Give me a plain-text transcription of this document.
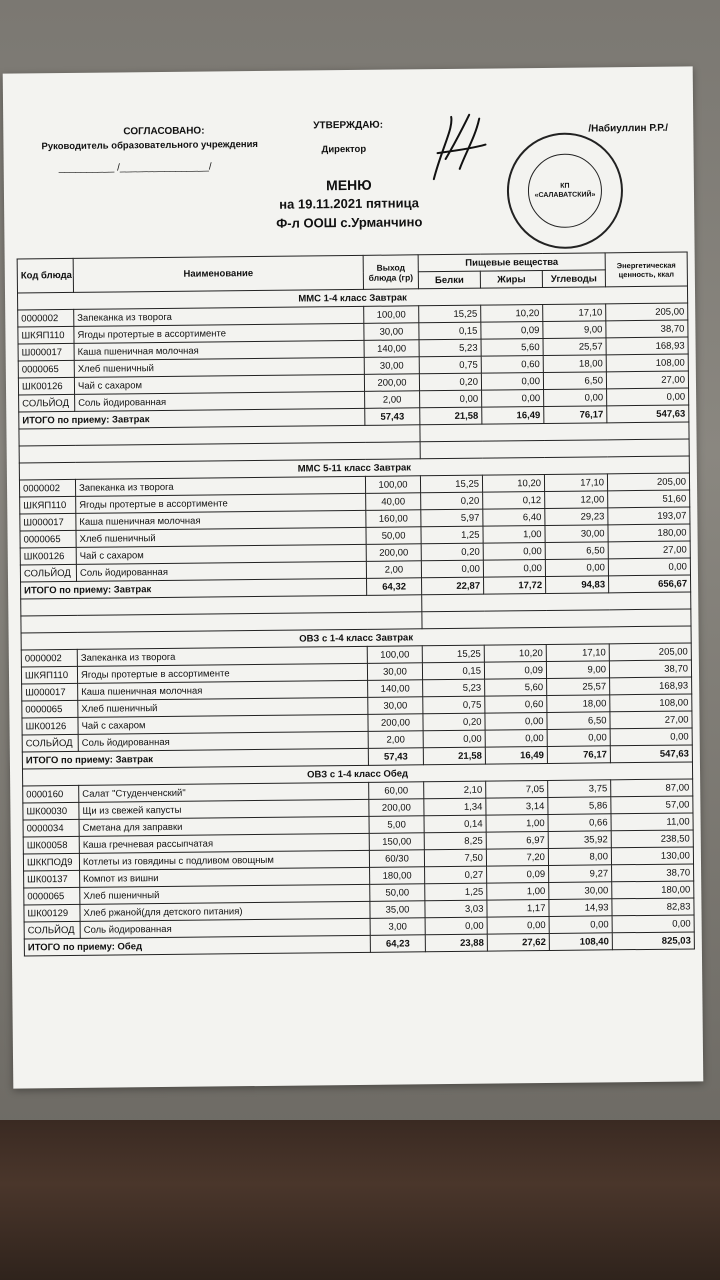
СОГЛАСОВАНО:
Руководитель образовательного учреждения
__________ /________________/
УТВЕРЖДАЮ:
Директор
/Набиуллин Р.Р./
КП «САЛАВАТСКИЙ»
МЕНЮ
на 19.11.2021 пятница
Ф-л ООШ с.Урманчино
Код блюда	Наименование	Выход блюда (гр)	Пищевые вещества			Энергетическая ценность, ккал
			Белки	Жиры	Углеводы	
ММС 1-4 класс Завтрак						
0000002	Запеканка из творога	100,00	15,25	10,20	17,10	205,00
ШКЯП110	Ягоды протертые в ассортименте	30,00	0,15	0,09	9,00	38,70
Ш000017	Каша пшеничная молочная	140,00	5,23	5,60	25,57	168,93
0000065	Хлеб пшеничный	30,00	0,75	0,60	18,00	108,00
ШК00126	Чай с сахаром	200,00	0,20	0,00	6,50	27,00
СОЛЬЙОД	Соль йодированная	2,00	0,00	0,00	0,00	0,00
ИТОГО по приему: Завтрак		57,43	21,58	16,49	76,17	547,63

ММС 5-11 класс Завтрак						
0000002	Запеканка из творога	100,00	15,25	10,20	17,10	205,00
ШКЯП110	Ягоды протертые в ассортименте	40,00	0,20	0,12	12,00	51,60
Ш000017	Каша пшеничная молочная	160,00	5,97	6,40	29,23	193,07
0000065	Хлеб пшеничный	50,00	1,25	1,00	30,00	180,00
ШК00126	Чай с сахаром	200,00	0,20	0,00	6,50	27,00
СОЛЬЙОД	Соль йодированная	2,00	0,00	0,00	0,00	0,00
ИТОГО по приему: Завтрак		64,32	22,87	17,72	94,83	656,67

ОВЗ с 1-4 класс Завтрак						
0000002	Запеканка из творога	100,00	15,25	10,20	17,10	205,00
ШКЯП110	Ягоды протертые в ассортименте	30,00	0,15	0,09	9,00	38,70
Ш000017	Каша пшеничная молочная	140,00	5,23	5,60	25,57	168,93
0000065	Хлеб пшеничный	30,00	0,75	0,60	18,00	108,00
ШК00126	Чай с сахаром	200,00	0,20	0,00	6,50	27,00
СОЛЬЙОД	Соль йодированная	2,00	0,00	0,00	0,00	0,00
ИТОГО по приему: Завтрак		57,43	21,58	16,49	76,17	547,63
ОВЗ с 1-4 класс Обед						
0000160	Салат "Студенченский"	60,00	2,10	7,05	3,75	87,00
ШК00030	Щи из свежей капусты	200,00	1,34	3,14	5,86	57,00
0000034	Сметана для заправки	5,00	0,14	1,00	0,66	11,00
ШК00058	Каша гречневая рассыпчатая	150,00	8,25	6,97	35,92	238,50
ШККПОД9	Котлеты из говядины с подливом овощным	60/30	7,50	7,20	8,00	130,00
ШК00137	Компот из вишни	180,00	0,27	0,09	9,27	38,70
0000065	Хлеб пшеничный	50,00	1,25	1,00	30,00	180,00
ШК00129	Хлеб ржаной(для детского питания)	35,00	3,03	1,17	14,93	82,83
СОЛЬЙОД	Соль йодированная	3,00	0,00	0,00	0,00	0,00
ИТОГО по приему: Обед		64,23	23,88	27,62	108,40	825,03
